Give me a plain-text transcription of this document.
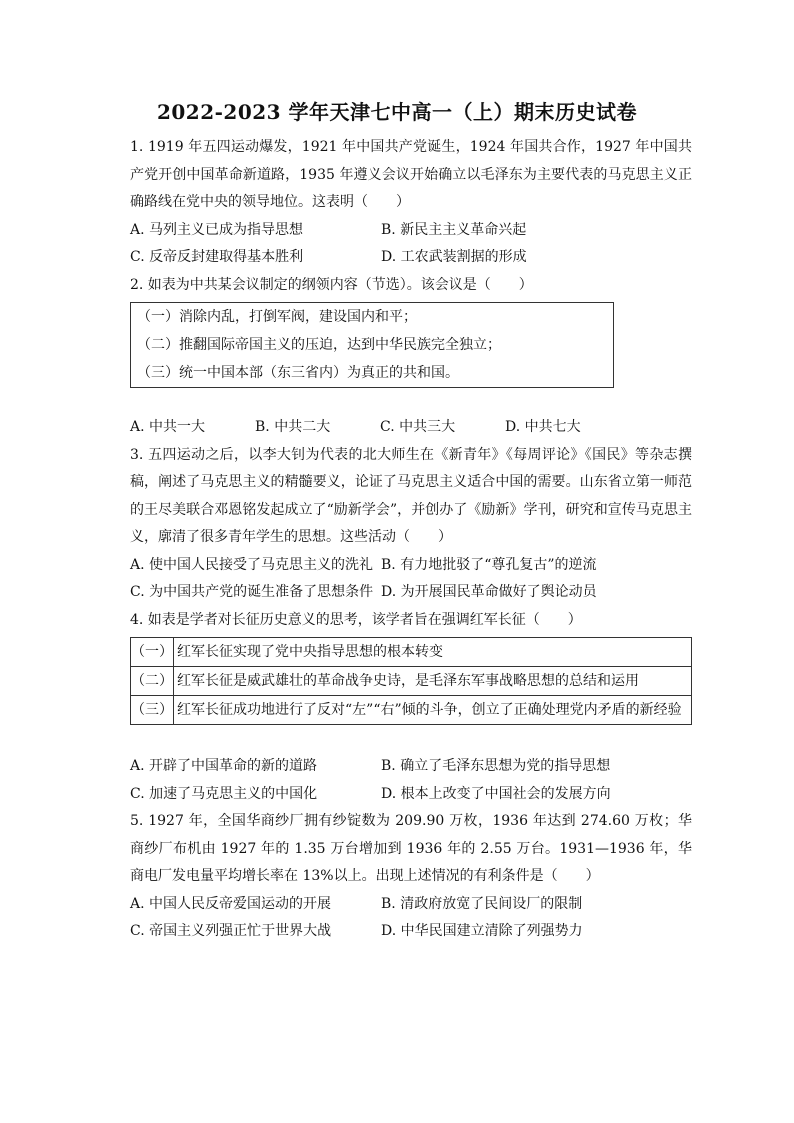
2022-2023 学年天津七中高一（上）期末历史试卷

1. 1919 年五四运动爆发，1921 年中国共产党诞生，1924 年国共合作，1927 年中国共产党开创中国革命新道路，1935 年遵义会议开始确立以毛泽东为主要代表的马克思主义正确路线在党中央的领导地位。这表明（　　）

A. 马列主义已成为指导思想	B. 新民主主义革命兴起
C. 反帝反封建取得基本胜利	D. 工农武装割据的形成

2. 如表为中共某会议制定的纲领内容（节选）。该会议是（　　）

（一）消除内乱，打倒军阀，建设国内和平；
（二）推翻国际帝国主义的压迫，达到中华民族完全独立；
（三）统一中国本部（东三省内）为真正的共和国。
A. 中共一大	B. 中共二大	C. 中共三大	D. 中共七大

3. 五四运动之后，以李大钊为代表的北大师生在《新青年》《每周评论》《国民》等杂志撰稿，阐述了马克思主义的精髓要义，论证了马克思主义适合中国的需要。山东省立第一师范的王尽美联合邓恩铭发起成立了“励新学会”，并创办了《励新》学刊，研究和宣传马克思主义，廓清了很多青年学生的思想。这些活动（　　）

A. 使中国人民接受了马克思主义的洗礼 B. 有力地批驳了“尊孔复古”的逆流
C. 为中国共产党的诞生准备了思想条件 D. 为开展国民革命做好了舆论动员

4. 如表是学者对长征历史意义的思考，该学者旨在强调红军长征（　　）

（一）	红军长征实现了党中央指导思想的根本转变
（二）	红军长征是威武雄壮的革命战争史诗，是毛泽东军事战略思想的总结和运用
（三）	红军长征成功地进行了反对“左”“右”倾的斗争，创立了正确处理党内矛盾的新经验
A. 开辟了中国革命的新的道路	B. 确立了毛泽东思想为党的指导思想
C. 加速了马克思主义的中国化	D. 根本上改变了中国社会的发展方向

5. 1927 年，全国华商纱厂拥有纱锭数为 209.90 万枚，1936 年达到 274.60 万枚；华商纱厂布机由 1927 年的 1.35 万台增加到 1936 年的 2.55 万台。1931—1936 年，华商电厂发电量平均增长率在 13%以上。出现上述情况的有利条件是（　　）

A. 中国人民反帝爱国运动的开展	B. 清政府放宽了民间设厂的限制
C. 帝国主义列强正忙于世界大战	D. 中华民国建立清除了列强势力
